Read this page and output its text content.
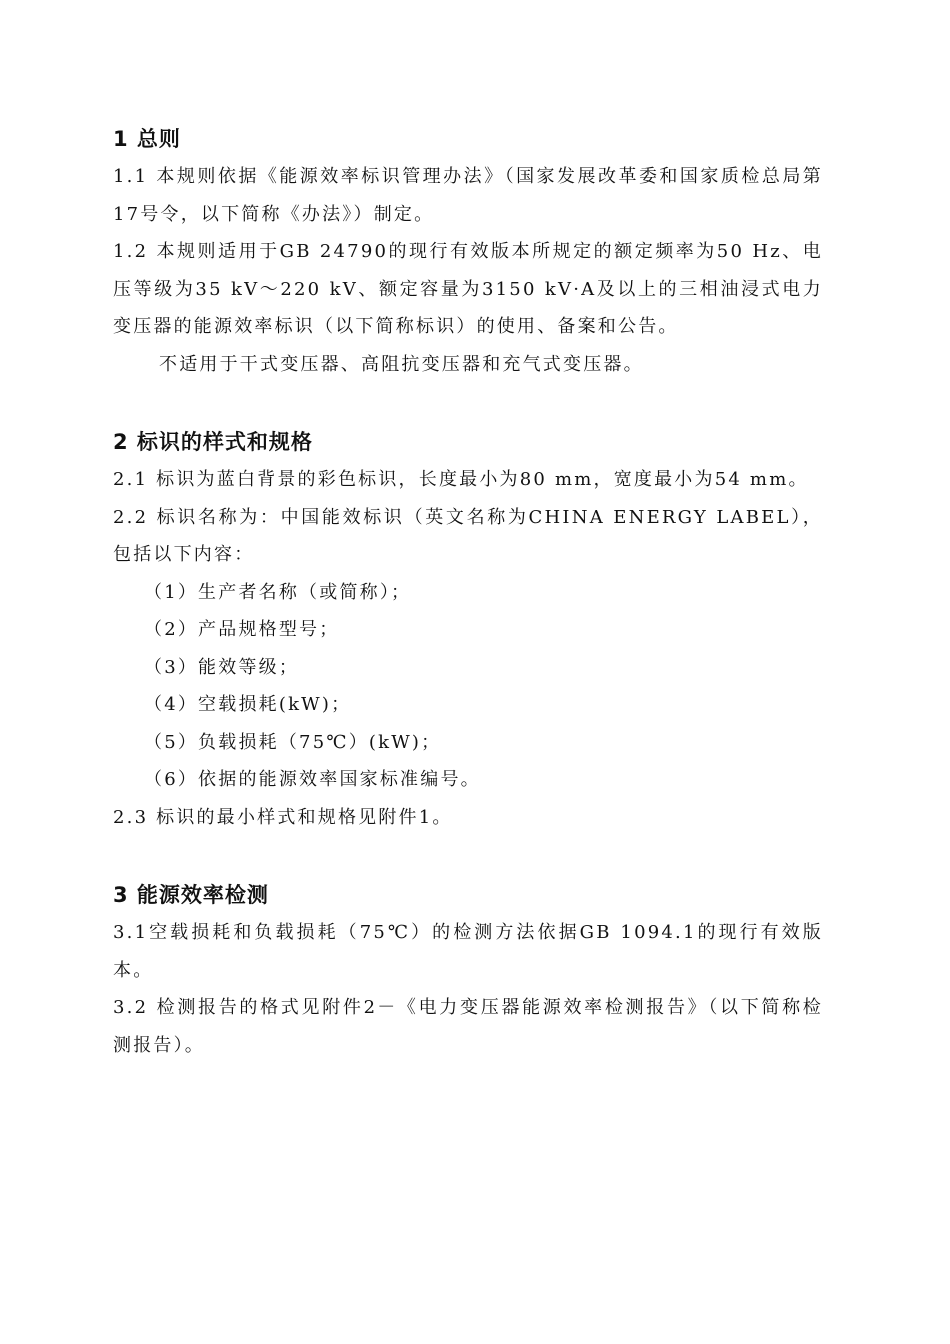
1 总则

1.1 本规则依据《能源效率标识管理办法》（国家发展改革委和国家质检总局第17号令，以下简称《办法》）制定。

1.2 本规则适用于GB 24790的现行有效版本所规定的额定频率为50 Hz、电压等级为35 kV～220 kV、额定容量为3150 kV·A及以上的三相油浸式电力变压器的能源效率标识（以下简称标识）的使用、备案和公告。

不适用于干式变压器、高阻抗变压器和充气式变压器。

2 标识的样式和规格

2.1 标识为蓝白背景的彩色标识，长度最小为80 mm，宽度最小为54 mm。

2.2 标识名称为：中国能效标识（英文名称为CHINA ENERGY LABEL），包括以下内容：

（1）生产者名称（或简称）；

（2）产品规格型号；

（3）能效等级；

（4）空载损耗(kW)；

（5）负载损耗（75℃）(kW)；

（6）依据的能源效率国家标准编号。

2.3 标识的最小样式和规格见附件1。

3 能源效率检测

3.1空载损耗和负载损耗（75℃）的检测方法依据GB 1094.1的现行有效版本。

3.2 检测报告的格式见附件2－《电力变压器能源效率检测报告》（以下简称检测报告）。
